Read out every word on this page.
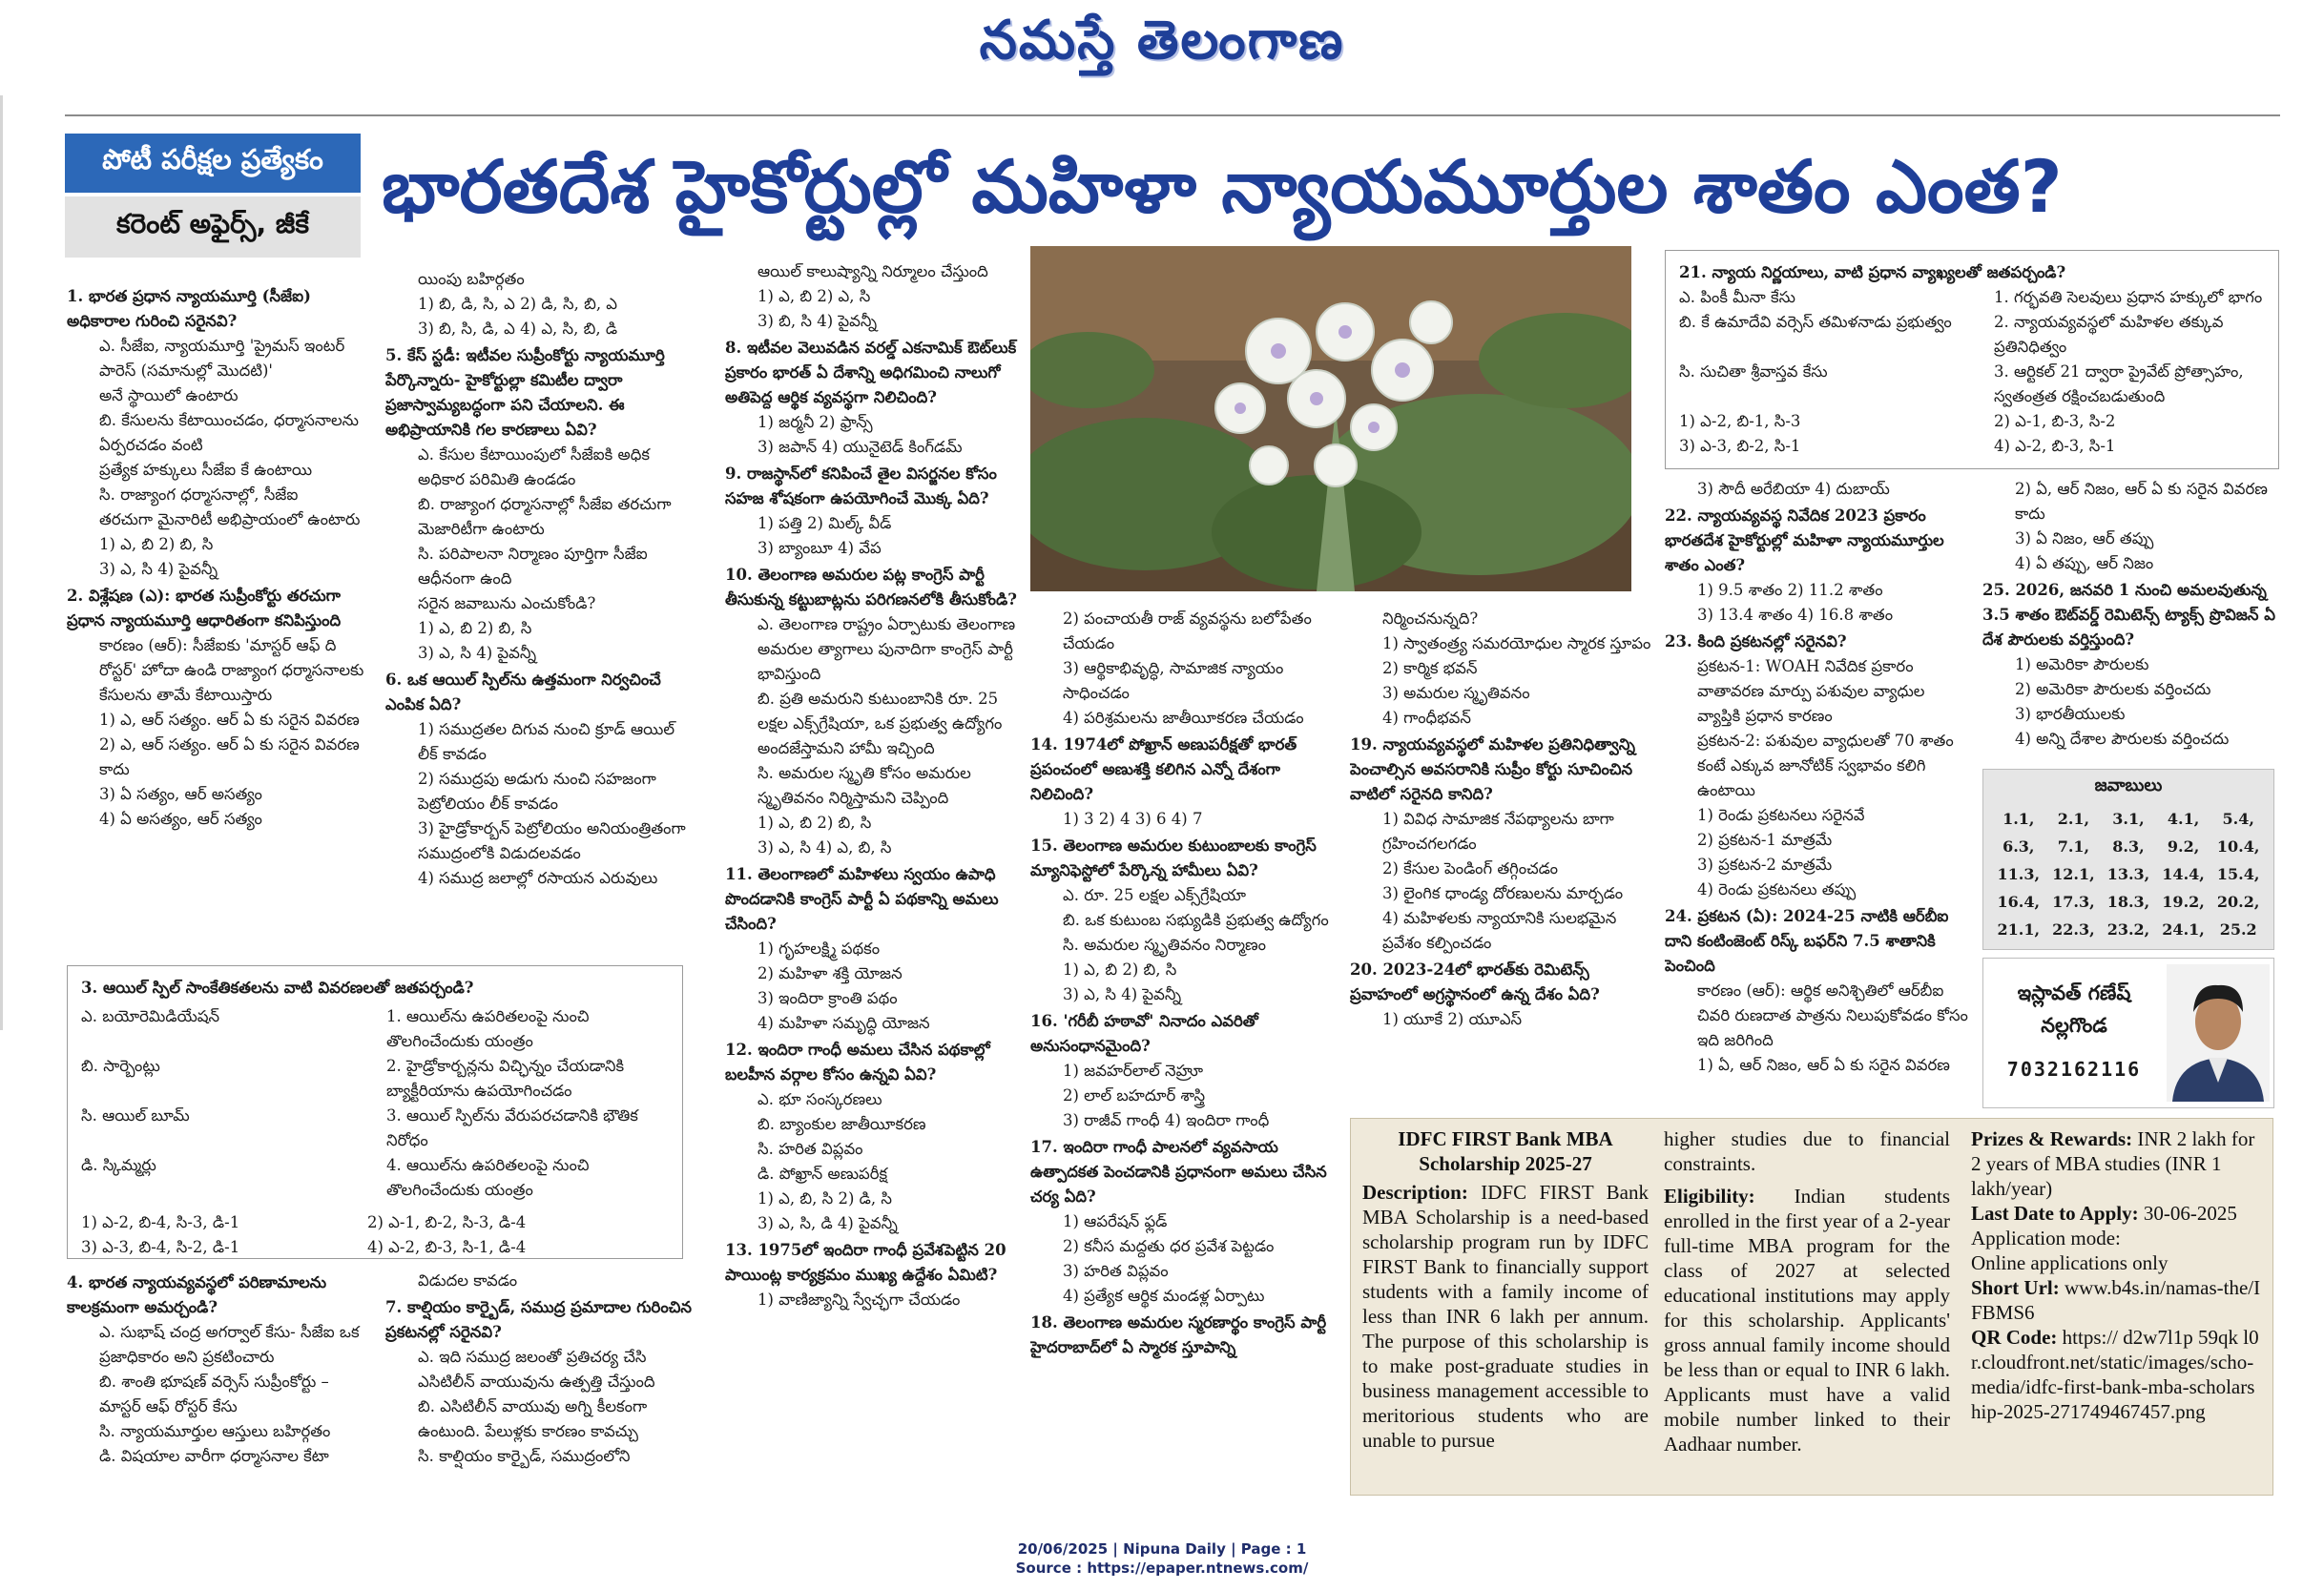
నమస్తే తెలంగాణ
పోటీ పరీక్షల ప్రత్యేకం
కరెంట్ అఫైర్స్, జీకే	భారతదేశ హైకోర్టుల్లో మహిళా న్యాయమూర్తుల శాతం ఎంత?

1. భారత ప్రధాన న్యాయమూర్తి (సీజేఐ) అధికారాల గురించి సరైనవి?

ఎ. సీజేఐ, న్యాయమూర్తి 'ప్రైమస్ ఇంటర్ పారెస్ (సమానుల్లో మొదటి)'

అనే స్థాయిలో ఉంటారు

బి. కేసులను కేటాయించడం, ధర్మాసనాలను ఏర్పరచడం వంటి

ప్రత్యేక హక్కులు సీజేఐ కే ఉంటాయి

సి. రాజ్యాంగ ధర్మాసనాల్లో, సీజేఐ

తరచుగా మైనారిటీ అభిప్రాయంలో ఉంటారు

1) ఎ, బి 2) బి, సి

3) ఎ, సి 4) పైవన్నీ

2. విశ్లేషణ (ఎ): భారత సుప్రీంకోర్టు తరచుగా ప్రధాన న్యాయమూర్తి ఆధారితంగా కనిపిస్తుంది

కారణం (ఆర్): సీజేఐకు 'మాస్టర్ ఆఫ్ ది రోస్టర్' హోదా ఉండి రాజ్యాంగ ధర్మాసనాలకు కేసులను తామే కేటాయిస్తారు

1) ఎ, ఆర్ సత్యం. ఆర్ ఏ కు సరైన వివరణ

2) ఎ, ఆర్ సత్యం. ఆర్ ఏ కు సరైన వివరణ కాదు

3) ఏ సత్యం, ఆర్ అసత్యం

4) ఏ అసత్యం, ఆర్ సత్యం

యింపు బహిర్గతం

1) బి, డి, సి, ఎ 2) డి, సి, బి, ఎ

3) బి, సి, డి, ఎ 4) ఎ, సి, బి, డి

5. కేస్ స్టడీ: ఇటీవల సుప్రీంకోర్టు న్యాయమూర్తి పేర్కొన్నారు- హైకోర్టుల్లా కమిటీల ద్వారా ప్రజాస్వామ్యబద్ధంగా పని చేయాలని. ఈ అభిప్రాయానికి గల కారణాలు ఏవి?

ఎ. కేసుల కేటాయింపులో సీజేఐకి అధిక అధికార పరిమితి ఉండడం

బి. రాజ్యాంగ ధర్మాసనాల్లో సీజేఐ తరచుగా మెజారిటీగా ఉంటారు

సి. పరిపాలనా నిర్మాణం పూర్తిగా సీజేఐ ఆధీనంగా ఉంది

సరైన జవాబును ఎంచుకోండి?

1) ఎ, బి 2) బి, సి

3) ఎ, సి 4) పైవన్నీ

6. ఒక ఆయిల్ స్పిల్‌ను ఉత్తమంగా నిర్వచించే ఎంపిక ఏది?

1) సముద్రతల దిగువ నుంచి క్రూడ్ ఆయిల్ లీక్ కావడం

2) సముద్రపు అడుగు నుంచి సహజంగా పెట్రోలియం లీక్ కావడం

3) హైడ్రోకార్బన్ పెట్రోలియం అనియంత్రితంగా సముద్రంలోకి విడుదలవడం

4) సముద్ర జలాల్లో రసాయన ఎరువులు

3. ఆయిల్ స్పిల్ సాంకేతికతలను వాటి వివరణలతో జతపర్చండి?
ఎ. బయోరెమిడియేషన్	1. ఆయిల్‌ను ఉపరితలంపై నుంచి తొలగించేందుకు యంత్రం
బి. సార్బెంట్లు	2. హైడ్రోకార్బన్లను విచ్ఛిన్నం చేయడానికి బ్యాక్టీరియాను ఉపయోగించడం
సి. ఆయిల్ బూమ్	3. ఆయిల్ స్పిల్‌ను వేరుపరచడానికి భౌతిక నిరోధం
డి. స్కిమ్మర్లు	4. ఆయిల్‌ను ఉపరితలంపై నుంచి తొలగించేందుకు యంత్రం
1) ఎ-2, బి-4, సి-3, డి-1	2) ఎ-1, బి-2, సి-3, డి-4
3) ఎ-3, బి-4, సి-2, డి-1	4) ఎ-2, బి-3, సి-1, డి-4

4. భారత న్యాయవ్యవస్థలో పరిణామాలను కాలక్రమంగా అమర్చండి?

ఎ. సుభాష్ చంద్ర అగర్వాల్ కేసు- సీజేఐ ఒక ప్రజాధికారం అని ప్రకటించారు

బి. శాంతి భూషణ్ వర్సెస్ సుప్రీంకోర్టు – మాస్టర్ ఆఫ్ రోస్టర్ కేసు

సి. న్యాయమూర్తుల ఆస్తులు బహిర్గతం

డి. విషయాల వారీగా ధర్మాసనాల కేటా

విడుదల కావడం

7. కాల్షియం కార్బైడ్, సముద్ర ప్రమాదాల గురించిన ప్రకటనల్లో సరైనవి?

ఎ. ఇది సముద్ర జలంతో ప్రతిచర్య చేసి ఎసిటిలీన్ వాయువును ఉత్పత్తి చేస్తుంది

బి. ఎసిటిలీన్ వాయువు అగ్ని కీలకంగా ఉంటుంది. పేలుళ్లకు కారణం కావచ్చు

సి. కాల్షియం కార్బైడ్, సముద్రంలోని

ఆయిల్ కాలుష్యాన్ని నిర్మూలం చేస్తుంది

1) ఎ, బి 2) ఎ, సి

3) బి, సి 4) పైవన్నీ

8. ఇటీవల వెలువడిన వరల్డ్ ఎకనామిక్ ఔట్‌లుక్ ప్రకారం భారత్ ఏ దేశాన్ని అధిగమించి నాలుగో అతిపెద్ద ఆర్థిక వ్యవస్థగా నిలిచింది?

1) జర్మనీ 2) ఫ్రాన్స్

3) జపాన్ 4) యునైటెడ్ కింగ్‌డమ్

9. రాజస్థాన్‌లో కనిపించే తైల విసర్జనల కోసం సహజ శోషకంగా ఉపయోగించే మొక్క ఏది?

1) పత్తి 2) మిల్క్ వీడ్

3) బ్యాంబూ 4) వేప

10. తెలంగాణ అమరుల పట్ల కాంగ్రెస్ పార్టీ తీసుకున్న కట్టుబాట్లను పరిగణనలోకి తీసుకోండి?

ఎ. తెలంగాణ రాష్ట్రం ఏర్పాటుకు తెలంగాణ అమరుల త్యాగాలు పునాదిగా కాంగ్రెస్ పార్టీ భావిస్తుంది

బి. ప్రతి అమరుని కుటుంబానికి రూ. 25 లక్షల ఎక్స్‌గ్రేషియా, ఒక ప్రభుత్వ ఉద్యోగం అందజేస్తామని హామీ ఇచ్చింది

సి. అమరుల స్మృతి కోసం అమరుల స్మృతివనం నిర్మిస్తామని చెప్పింది

1) ఎ, బి 2) బి, సి

3) ఎ, సి 4) ఎ, బి, సి

11. తెలంగాణలో మహిళలు స్వయం ఉపాధి పొందడానికి కాంగ్రెస్ పార్టీ ఏ పథకాన్ని అమలు చేసింది?

1) గృహలక్ష్మి పథకం

2) మహిళా శక్తి యోజన

3) ఇందిరా క్రాంతి పథం

4) మహిళా సమృద్ధి యోజన

12. ఇందిరా గాంధీ అమలు చేసిన పథకాల్లో బలహీన వర్గాల కోసం ఉన్నవి ఏవి?

ఎ. భూ సంస్కరణలు

బి. బ్యాంకుల జాతీయీకరణ

సి. హరిత విప్లవం

డి. పోఖ్రాన్ అణుపరీక్ష

1) ఎ, బి, సి 2) డి, సి

3) ఎ, సి, డి 4) పైవన్నీ

13. 1975లో ఇందిరా గాంధీ ప్రవేశపెట్టిన 20 పాయింట్ల కార్యక్రమం ముఖ్య ఉద్దేశం ఏమిటి?

1) వాణిజ్యాన్ని స్వేచ్ఛగా చేయడం

2) పంచాయతీ రాజ్ వ్యవస్థను బలోపేతం చేయడం

3) ఆర్థికాభివృద్ధి, సామాజిక న్యాయం సాధించడం

4) పరిశ్రమలను జాతీయీకరణ చేయడం

14. 1974లో పోఖ్రాన్ అణుపరీక్షతో భారత్ ప్రపంచంలో అణుశక్తి కలిగిన ఎన్నో దేశంగా నిలిచింది?

1) 3 2) 4 3) 6 4) 7

15. తెలంగాణ అమరుల కుటుంబాలకు కాంగ్రెస్ మ్యానిఫెస్టోలో పేర్కొన్న హామీలు ఏవి?

ఎ. రూ. 25 లక్షల ఎక్స్‌గ్రేషియా

బి. ఒక కుటుంబ సభ్యుడికి ప్రభుత్వ ఉద్యోగం

సి. అమరుల స్మృతివనం నిర్మాణం

1) ఎ, బి 2) బి, సి

3) ఎ, సి 4) పైవన్నీ

16. 'గరీబీ హఠావో' నినాదం ఎవరితో అనుసంధానమైంది?

1) జవహర్‌లాల్ నెహ్రూ

2) లాల్ బహదూర్ శాస్త్రి

3) రాజీవ్ గాంధీ 4) ఇందిరా గాంధీ

17. ఇందిరా గాంధీ పాలనలో వ్యవసాయ ఉత్పాదకత పెంచడానికి ప్రధానంగా అమలు చేసిన చర్య ఏది?

1) ఆపరేషన్ ఫ్లడ్

2) కనీస మద్దతు ధర ప్రవేశ పెట్టడం

3) హరిత విప్లవం

4) ప్రత్యేక ఆర్థిక మండళ్ల ఏర్పాటు

18. తెలంగాణ అమరుల స్మరణార్థం కాంగ్రెస్ పార్టీ హైదరాబాద్‌లో ఏ స్మారక స్తూపాన్ని

నిర్మించనున్నది?

1) స్వాతంత్ర్య సమరయోధుల స్మారక స్తూపం 2) కార్మిక భవన్

3) అమరుల స్మృతివనం

4) గాంధీభవన్

19. న్యాయవ్యవస్థలో మహిళల ప్రతినిధిత్వాన్ని పెంచాల్సిన అవసరానికి సుప్రీం కోర్టు సూచించిన వాటిలో సరైనది కానిది?

1) వివిధ సామాజిక నేపథ్యాలను బాగా గ్రహించగలగడం

2) కేసుల పెండింగ్ తగ్గించడం

3) లైంగిక ధాండ్య దోరణులను మార్చడం

4) మహిళలకు న్యాయానికి సులభమైన ప్రవేశం కల్పించడం

20. 2023-24లో భారత్‌కు రెమిటెన్స్ ప్రవాహంలో అగ్రస్థానంలో ఉన్న దేశం ఏది?

1) యూకే 2) యూఎస్

21. న్యాయ నిర్ణయాలు, వాటి ప్రధాన వ్యాఖ్యలతో జతపర్చండి?
ఎ. పింకీ మీనా కేసు	1. గర్భవతి సెలవులు ప్రధాన హక్కులో భాగం
బి. కే ఉమాదేవి వర్సెస్ తమిళనాడు ప్రభుత్వం	2. న్యాయవ్యవస్థలో మహిళల తక్కువ ప్రతినిధిత్వం
సి. సుచితా శ్రీవాస్తవ కేసు	3. ఆర్టికల్ 21 ద్వారా ప్రైవేట్ ప్రోత్సాహం, స్వతంత్రత రక్షించబడుతుంది
1) ఎ-2, బి-1, సి-3	2) ఎ-1, బి-3, సి-2
3) ఎ-3, బి-2, సి-1	4) ఎ-2, బి-3, సి-1

3) సౌదీ అరేబియా 4) దుబాయ్

22. న్యాయవ్యవస్థ నివేదిక 2023 ప్రకారం భారతదేశ హైకోర్టుల్లో మహిళా న్యాయమూర్తుల శాతం ఎంత?

1) 9.5 శాతం 2) 11.2 శాతం

3) 13.4 శాతం 4) 16.8 శాతం

23. కింది ప్రకటనల్లో సరైనవి?

ప్రకటన-1: WOAH నివేదిక ప్రకారం వాతావరణ మార్పు పశువుల వ్యాధుల వ్యాప్తికి ప్రధాన కారణం

ప్రకటన-2: పశువుల వ్యాధులతో 70 శాతం కంటే ఎక్కువ జూనోటిక్ స్వభావం కలిగి ఉంటాయి

1) రెండు ప్రకటనలు సరైనవే

2) ప్రకటన-1 మాత్రమే

3) ప్రకటన-2 మాత్రమే

4) రెండు ప్రకటనలు తప్పు

24. ప్రకటన (ఏ): 2024-25 నాటికి ఆర్‌బీఐ దాని కంటింజెంట్ రిస్క్ బఫర్‌ని 7.5 శాతానికి పెంచింది

కారణం (ఆర్): ఆర్థిక అనిశ్చితిలో ఆర్‌బీఐ చివరి రుణదాత పాత్రను నిలుపుకోవడం కోసం ఇది జరిగింది

1) ఏ, ఆర్ నిజం, ఆర్ ఏ కు సరైన వివరణ

2) ఏ, ఆర్ నిజం, ఆర్ ఏ కు సరైన వివరణ కాదు

3) ఏ నిజం, ఆర్ తప్పు

4) ఏ తప్పు, ఆర్ నిజం

25. 2026, జనవరి 1 నుంచి అమలవుతున్న 3.5 శాతం ఔట్‌వర్డ్ రెమిటెన్స్ ట్యాక్స్ ప్రొవిజన్ ఏ దేశ పౌరులకు వర్తిస్తుంది?

1) అమెరికా పౌరులకు

2) అమెరికా పౌరులకు వర్తించదు

3) భారతీయులకు

4) అన్ని దేశాల పౌరులకు వర్తించదు

జవాబులు
1.1,	2.1,	3.1,	4.1,	5.4,
6.3,	7.1,	8.3,	9.2,	10.4,
11.3,	12.1,	13.3,	14.4,	15.4,
16.4,	17.3,	18.3,	19.2,	20.2,
21.1,	22.3,	23.2,	24.1,	25.2
ఇస్లావత్ గణేష్
నల్లగొండ
7032162116
IDFC FIRST Bank MBA Scholarship 2025-27
Description: IDFC FIRST Bank MBA Scholarship is a need-based scholarship program run by IDFC FIRST Bank to financially support students with a family income of less than INR 6 lakh per annum. The purpose of this scholarship is to make post-graduate studies in business management accessible to meritorious students who are unable to pursue
higher studies due to financial constraints.
Eligibility: Indian students enrolled in the first year of a 2-year full-time MBA program for the class of 2027 at selected educational institutions may apply for this scholarship. Applicants' gross annual family income should be less than or equal to INR 6 lakh. Applicants must have a valid mobile number linked to their Aadhaar number.
Prizes & Rewards: INR 2 lakh for 2 years of MBA studies (INR 1 lakh/year)
Last Date to Apply: 30-06-2025
Application mode:
Online applications only
Short Url: www.b4s.in/namas-the/IFBMS6
QR Code: https:// d2w7l1p 59qk l0r.cloudfront.net/static/images/scho-media/idfc-first-bank-mba-scholarship-2025-271749467457.png
20/06/2025 | Nipuna Daily | Page : 1
Source : https://epaper.ntnews.com/
